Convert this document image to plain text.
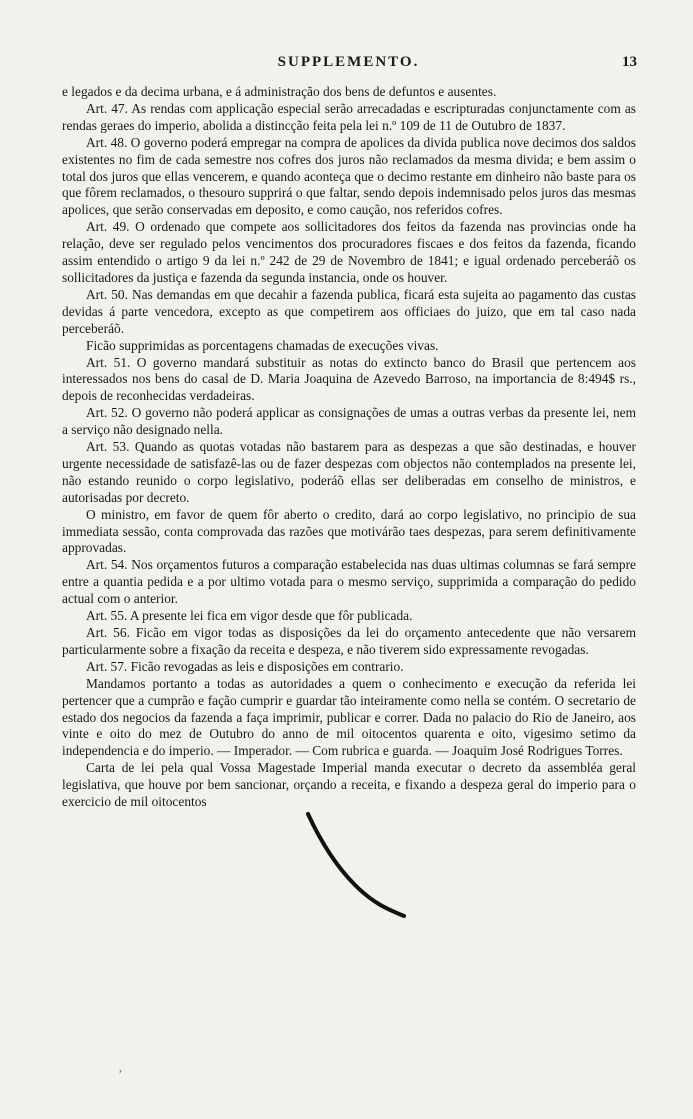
SUPPLEMENTO.	13

e legados e da decima urbana, e á administração dos bens de defuntos e ausentes.

Art. 47. As rendas com applicação especial serão arrecadadas e escripturadas conjunctamente com as rendas geraes do imperio, abolida a distincção feita pela lei n.º 109 de 11 de Outubro de 1837.

Art. 48. O governo poderá empregar na compra de apolices da divida publica nove decimos dos saldos existentes no fim de cada semestre nos cofres dos juros não reclamados da mesma divida; e bem assim o total dos juros que ellas vencerem, e quando aconteça que o decimo restante em dinheiro não baste para os que fôrem reclamados, o thesouro supprirá o que faltar, sendo depois indemnisado pelos juros das mesmas apolices, que serão conservadas em deposito, e como caução, nos referidos cofres.

Art. 49. O ordenado que compete aos sollicitadores dos feitos da fazenda nas provincias onde ha relação, deve ser regulado pelos vencimentos dos procuradores fiscaes e dos feitos da fazenda, ficando assim entendido o artigo 9 da lei n.º 242 de 29 de Novembro de 1841; e igual ordenado perceberáõ os sollicitadores da justiça e fazenda da segunda instancia, onde os houver.

Art. 50. Nas demandas em que decahir a fazenda publica, ficará esta sujeita ao pagamento das custas devidas á parte vencedora, excepto as que competirem aos officiaes do juizo, que em tal caso nada perceberáõ.

Ficão supprimidas as porcentagens chamadas de execuções vivas.

Art. 51. O governo mandará substituir as notas do extincto banco do Brasil que pertencem aos interessados nos bens do casal de D. Maria Joaquina de Azevedo Barroso, na importancia de 8:494$ rs., depois de reconhecidas verdadeiras.

Art. 52. O governo não poderá applicar as consignações de umas a outras verbas da presente lei, nem a serviço não designado nella.

Art. 53. Quando as quotas votadas não bastarem para as despezas a que são destinadas, e houver urgente necessidade de satisfazê-las ou de fazer despezas com objectos não contemplados na presente lei, não estando reunido o corpo legislativo, poderáõ ellas ser deliberadas em conselho de ministros, e autorisadas por decreto.

O ministro, em favor de quem fôr aberto o credito, dará ao corpo legislativo, no principio de sua immediata sessão, conta comprovada das razões que motivárão taes despezas, para serem definitivamente approvadas.

Art. 54. Nos orçamentos futuros a comparação estabelecida nas duas ultimas columnas se fará sempre entre a quantia pedida e a por ultimo votada para o mesmo serviço, supprimida a comparação do pedido actual com o anterior.

Art. 55. A presente lei fica em vigor desde que fôr publicada.

Art. 56. Ficão em vigor todas as disposições da lei do orçamento antecedente que não versarem particularmente sobre a fixação da receita e despeza, e não tiverem sido expressamente revogadas.

Art. 57. Ficão revogadas as leis e disposições em contrario.

Mandamos portanto a todas as autoridades a quem o conhecimento e execução da referida lei pertencer que a cumprão e fação cumprir e guardar tão inteiramente como nella se contém. O secretario de estado dos negocios da fazenda a faça imprimir, publicar e correr. Dada no palacio do Rio de Janeiro, aos vinte e oito do mez de Outubro do anno de mil oitocentos quarenta e oito, vigesimo setimo da independencia e do imperio. — Imperador. — Com rubrica e guarda. — Joaquim José Rodrigues Torres.

Carta de lei pela qual Vossa Magestade Imperial manda executar o decreto da assembléa geral legislativa, que houve por bem sancionar, orçando a receita, e fixando a despeza geral do imperio para o exercicio de mil oitocentos

ʼ
